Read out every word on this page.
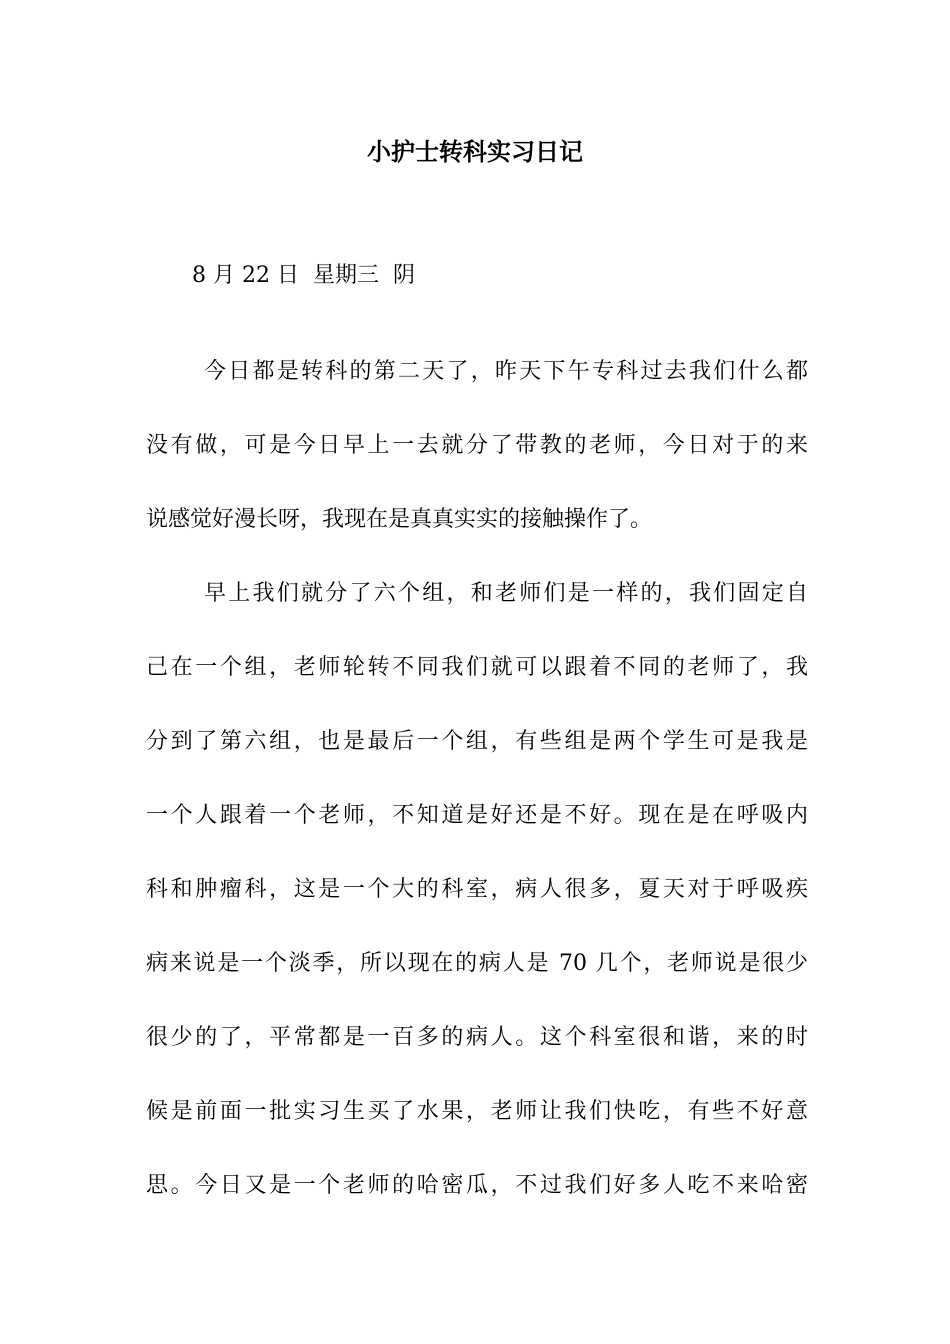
小护士转科实习日记
8 月 22 日  星期三  阴
今日都是转科的第二天了，昨天下午专科过去我们什么都
没有做，可是今日早上一去就分了带教的老师，今日对于的来
说感觉好漫长呀，我现在是真真实实的接触操作了。
早上我们就分了六个组，和老师们是一样的，我们固定自
己在一个组，老师轮转不同我们就可以跟着不同的老师了，我
分到了第六组，也是最后一个组，有些组是两个学生可是我是
一个人跟着一个老师，不知道是好还是不好。现在是在呼吸内
科和肿瘤科，这是一个大的科室，病人很多，夏天对于呼吸疾
病来说是一个淡季，所以现在的病人是 70 几个，老师说是很少
很少的了，平常都是一百多的病人。这个科室很和谐，来的时
候是前面一批实习生买了水果，老师让我们快吃，有些不好意
思。今日又是一个老师的哈密瓜，不过我们好多人吃不来哈密
